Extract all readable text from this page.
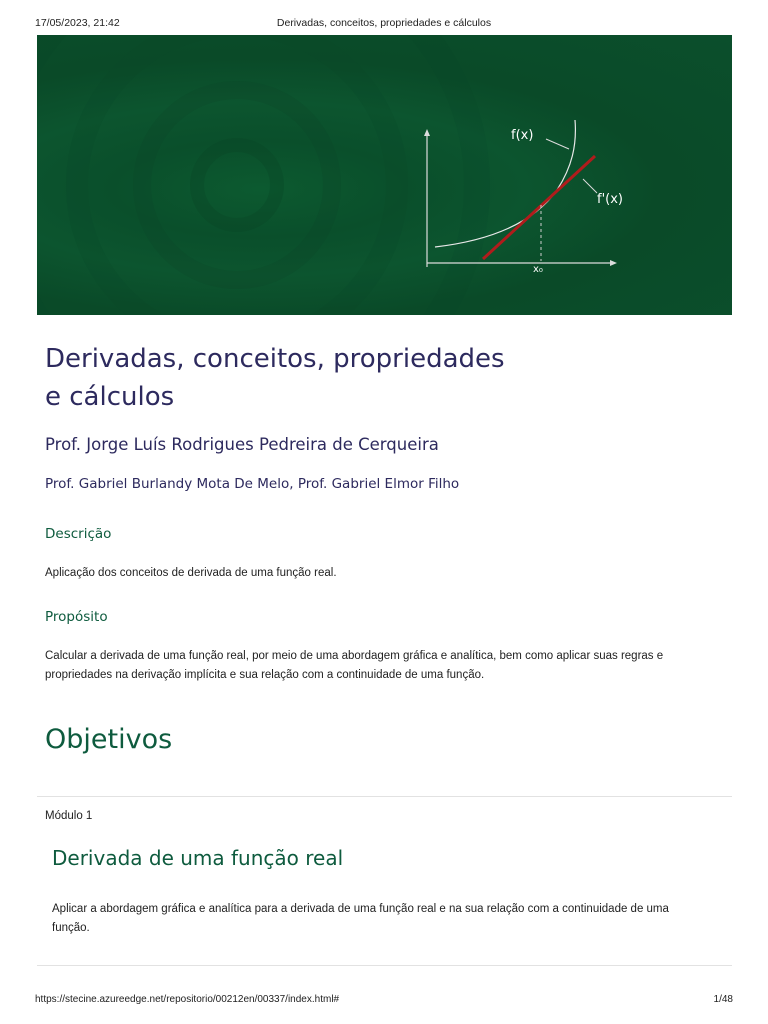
17/05/2023, 21:42	Derivadas, conceitos, propriedades e cálculos
f(x)
f'(x)
x₀
Derivadas, conceitos, propriedades
e cálculos
Prof. Jorge Luís Rodrigues Pedreira de Cerqueira
Prof. Gabriel Burlandy Mota De Melo, Prof. Gabriel Elmor Filho
Descrição
Aplicação dos conceitos de derivada de uma função real.
Propósito
Calcular a derivada de uma função real, por meio de uma abordagem gráfica e analítica, bem como aplicar suas regras e propriedades na derivação implícita e sua relação com a continuidade de uma função.
Objetivos
Módulo 1
Derivada de uma função real
Aplicar a abordagem gráfica e analítica para a derivada de uma função real e na sua relação com a continuidade de uma função.
https://stecine.azureedge.net/repositorio/00212en/00337/index.html#	1/48
